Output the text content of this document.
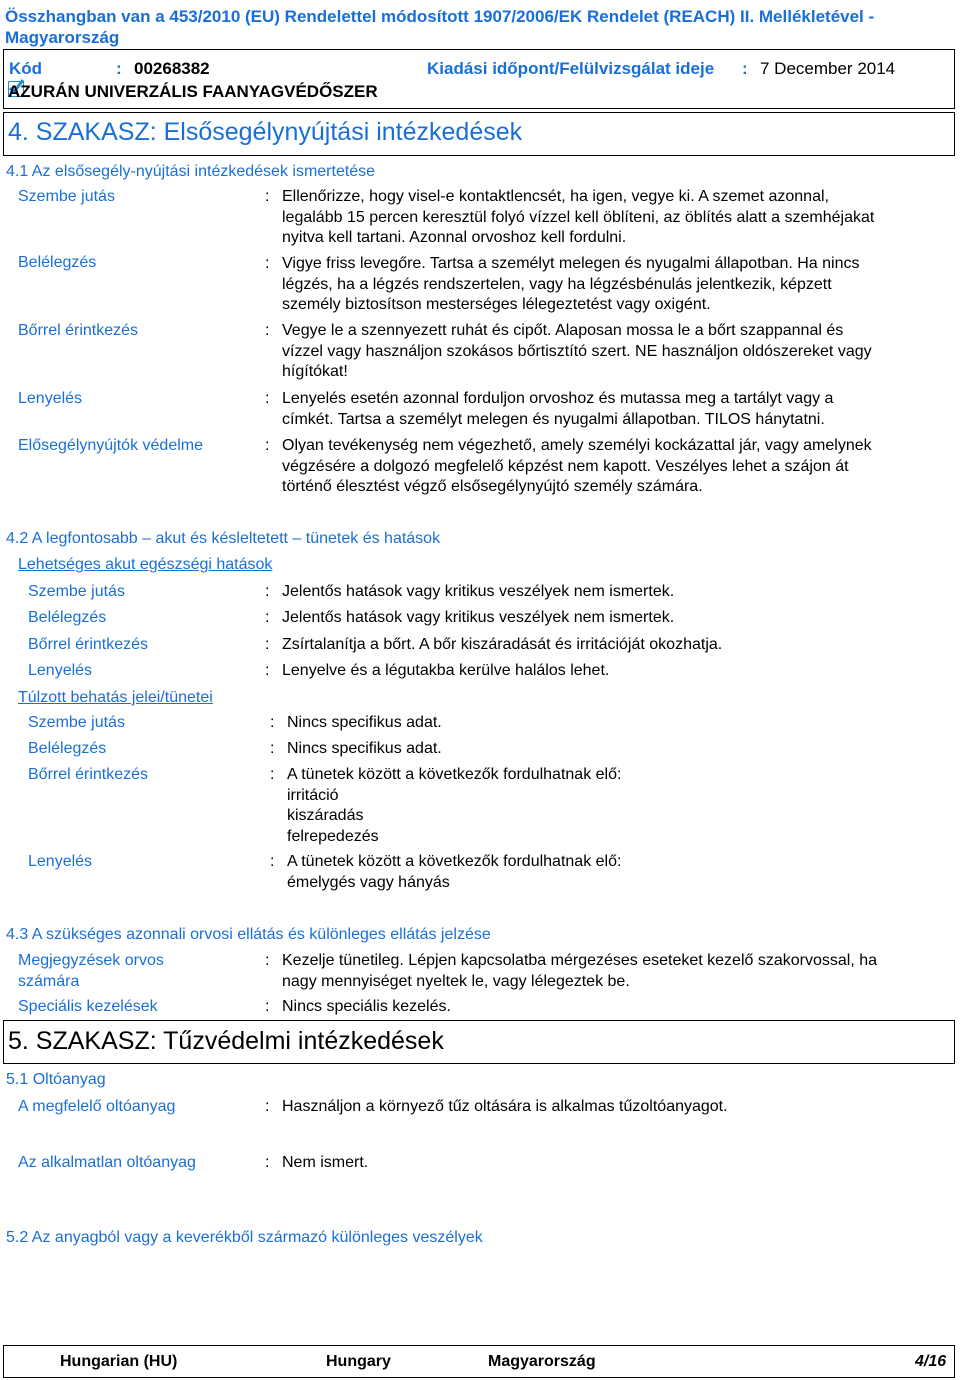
Összhangban van a 453/2010 (EU) Rendelettel módosított 1907/2006/EK Rendelet (REACH) II. Mellékletével -
Magyarország
Kód	: 00268382	Kiadási időpont/Felülvizsgálat ideje : 7 December 2014
AZURÁN UNIVERZÁLIS FAANYAGVÉDŐSZER
4. SZAKASZ: Elsősegélynyújtási intézkedések
4.1 Az elsősegély-nyújtási intézkedések ismertetése
Szembe jutás	: Ellenőrizze, hogy visel-e kontaktlencsét, ha igen, vegye ki. A szemet azonnal,
legalább 15 percen keresztül folyó vízzel kell öblíteni, az öblítés alatt a szemhéjakat
nyitva kell tartani. Azonnal orvoshoz kell fordulni.
Belélegzés	: Vigye friss levegőre. Tartsa a személyt melegen és nyugalmi állapotban. Ha nincs
légzés, ha a légzés rendszertelen, vagy ha légzésbénulás jelentkezik, képzett
személy biztosítson mesterséges lélegeztetést vagy oxigént.
Bőrrel érintkezés	: Vegye le a szennyezett ruhát és cipőt. Alaposan mossa le a bőrt szappannal és
vízzel vagy használjon szokásos bőrtisztító szert. NE használjon oldószereket vagy
hígítókat!
Lenyelés	: Lenyelés esetén azonnal forduljon orvoshoz és mutassa meg a tartályt vagy a
címkét. Tartsa a személyt melegen és nyugalmi állapotban. TILOS hánytatni.
Elősegélynyújtók védelme	: Olyan tevékenység nem végezhető, amely személyi kockázattal jár, vagy amelynek
végzésére a dolgozó megfelelő képzést nem kapott. Veszélyes lehet a szájon át
történő élesztést végző elsősegélynyújtó személy számára.
4.2 A legfontosabb – akut és késleltetett – tünetek és hatások
Lehetséges akut egészségi hatások
Szembe jutás	: Jelentős hatások vagy kritikus veszélyek nem ismertek.
Belélegzés	: Jelentős hatások vagy kritikus veszélyek nem ismertek.
Bőrrel érintkezés	: Zsírtalanítja a bőrt. A bőr kiszáradását és irritációját okozhatja.
Lenyelés	: Lenyelve és a légutakba kerülve halálos lehet.
Túlzott behatás jelei/tünetei
Szembe jutás	: Nincs specifikus adat.
Belélegzés	: Nincs specifikus adat.
Bőrrel érintkezés	: A tünetek között a következők fordulhatnak elő:
irritáció
kiszáradás
felrepedezés
Lenyelés	: A tünetek között a következők fordulhatnak elő:
émelygés vagy hányás
4.3 A szükséges azonnali orvosi ellátás és különleges ellátás jelzése
Megjegyzések orvos
számára
: Kezelje tünetileg. Lépjen kapcsolatba mérgezéses eseteket kezelő szakorvossal, ha
nagy mennyiséget nyeltek le, vagy lélegeztek be.
Speciális kezelések	: Nincs speciális kezelés.
5. SZAKASZ: Tűzvédelmi intézkedések
5.1 Oltóanyag
A megfelelő oltóanyag	: Használjon a környező tűz oltására is alkalmas tűzoltóanyagot.
Az alkalmatlan oltóanyag	: Nem ismert.
5.2 Az anyagból vagy a keverékből származó különleges veszélyek
Hungarian (HU)	Hungary	Magyarország	4/16
